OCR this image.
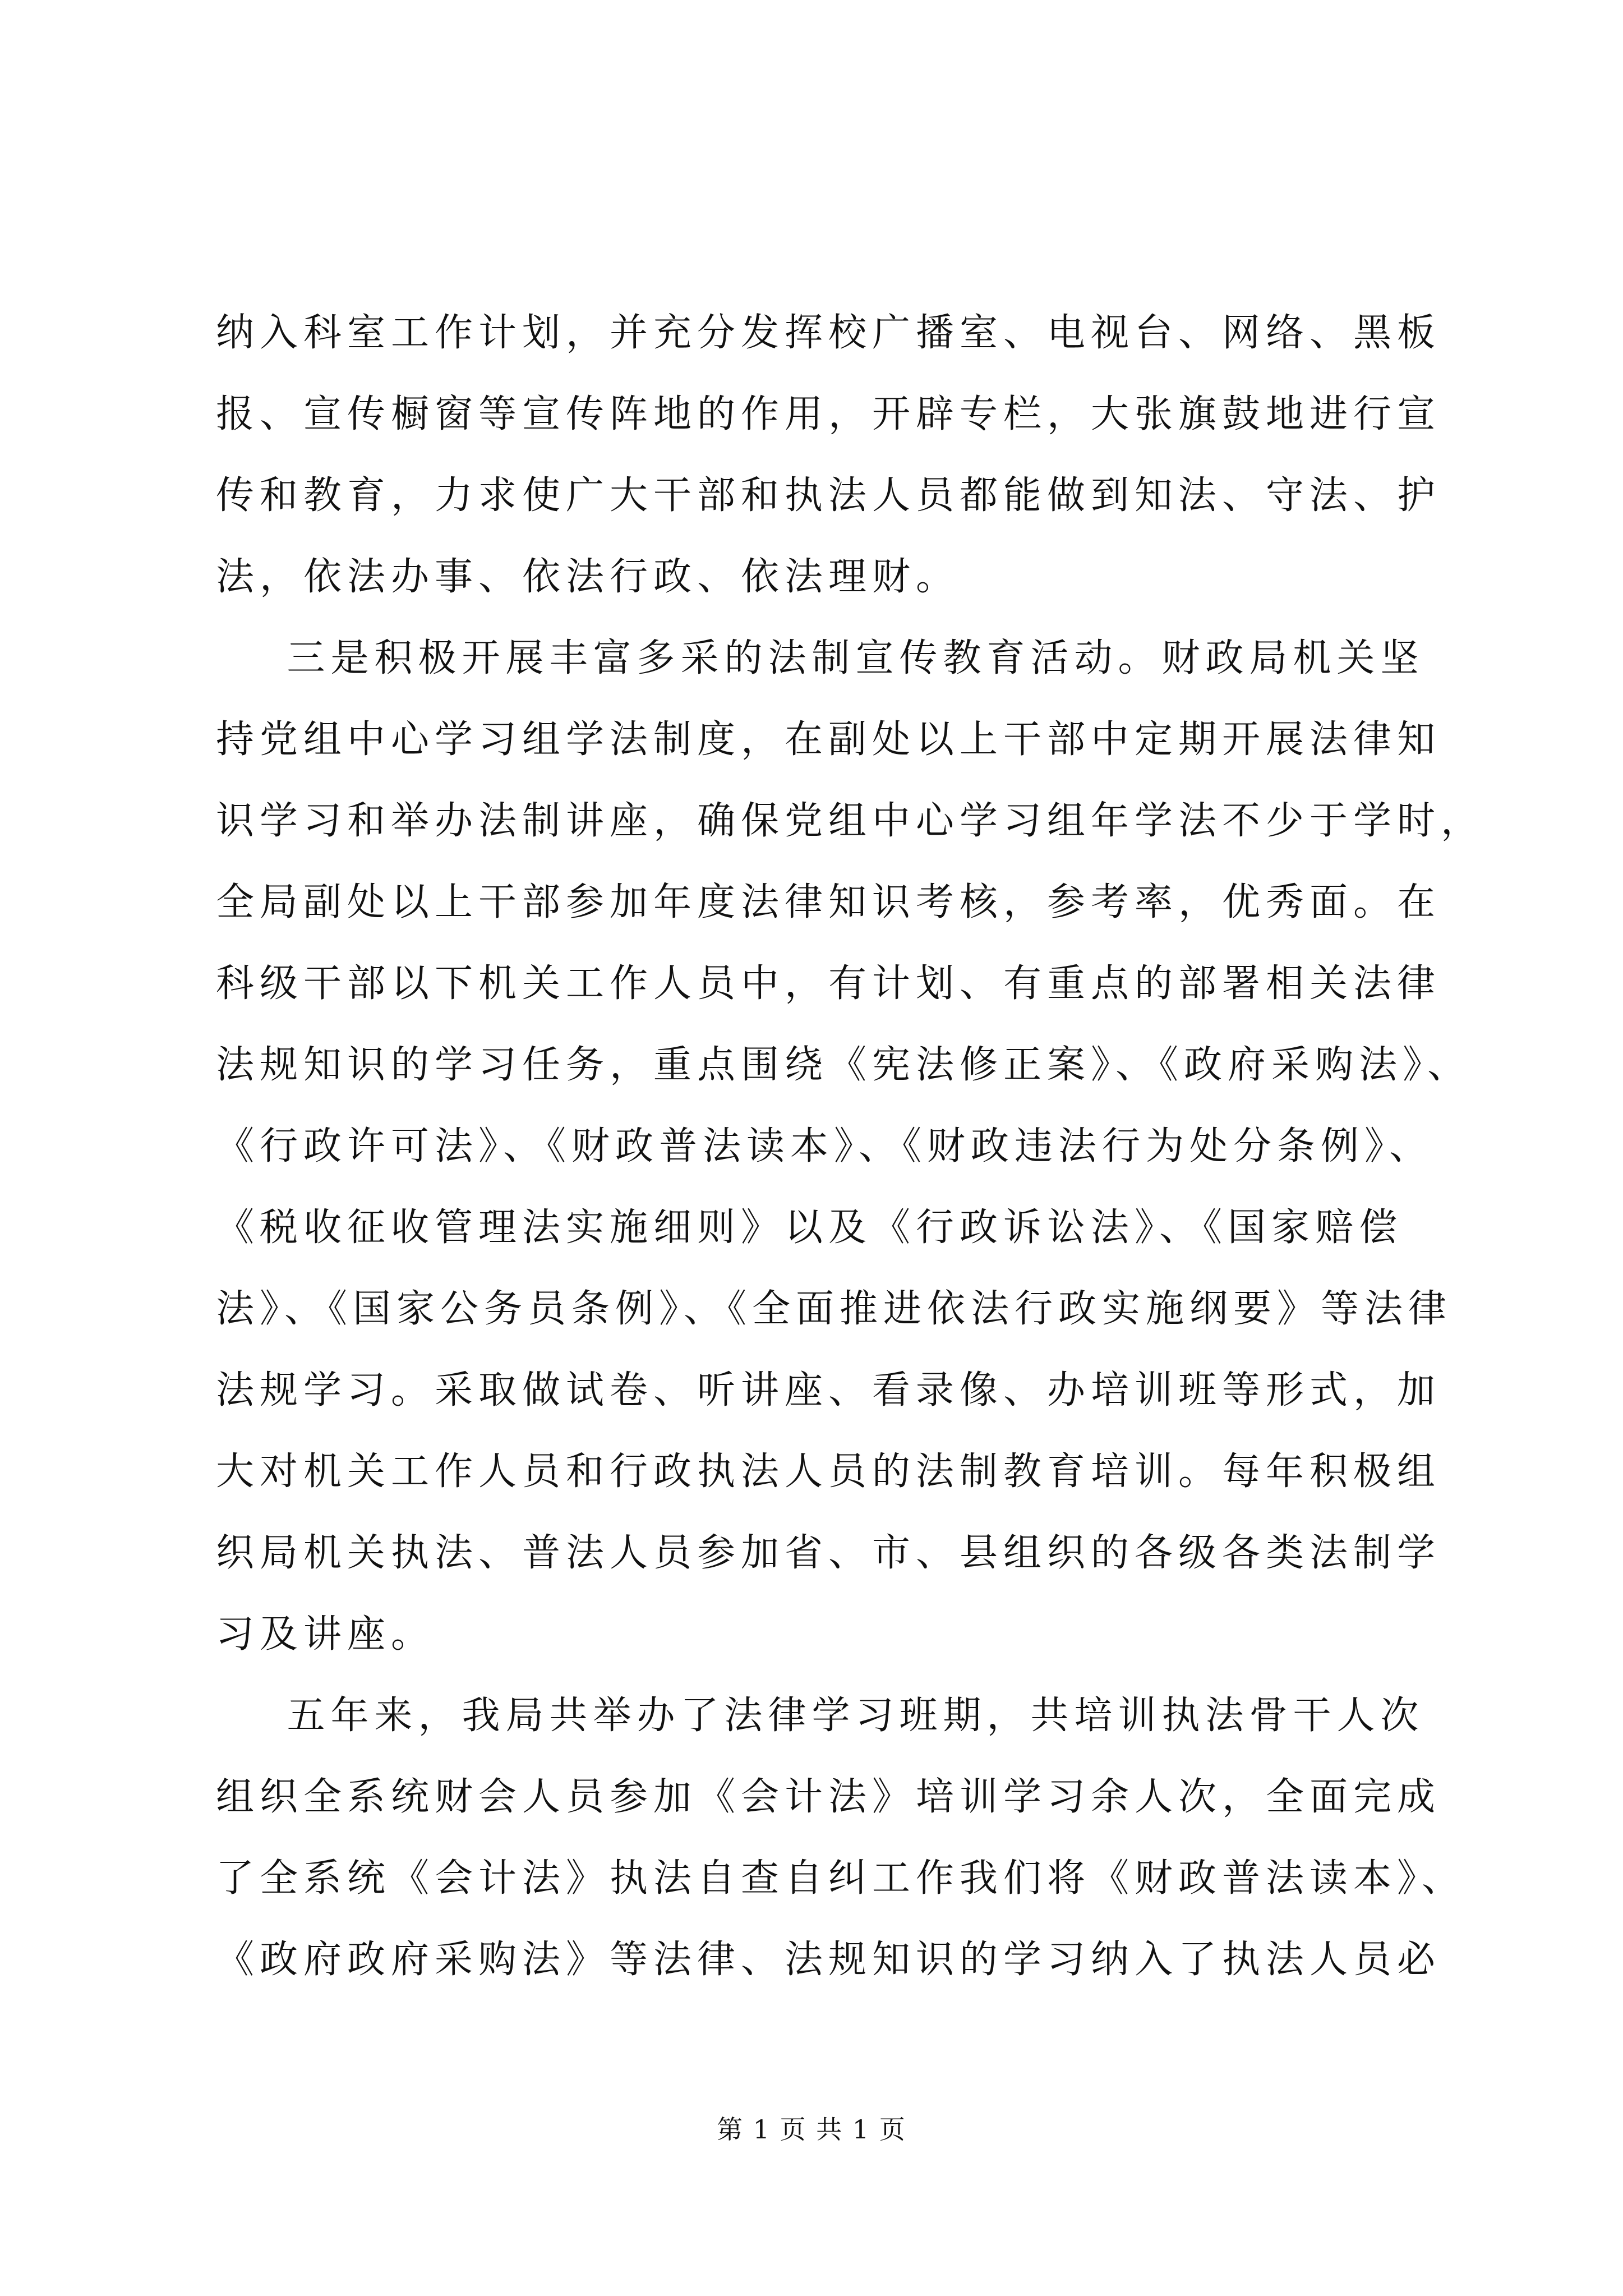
纳入科室工作计划，并充分发挥校广播室、电视台、网络、黑板
报、宣传橱窗等宣传阵地的作用，开辟专栏，大张旗鼓地进行宣
传和教育，力求使广大干部和执法人员都能做到知法、守法、护
法，依法办事、依法行政、依法理财。
三是积极开展丰富多采的法制宣传教育活动。财政局机关坚
持党组中心学习组学法制度，在副处以上干部中定期开展法律知
识学习和举办法制讲座，确保党组中心学习组年学法不少于学时，
全局副处以上干部参加年度法律知识考核，参考率，优秀面。在
科级干部以下机关工作人员中，有计划、有重点的部署相关法律
法规知识的学习任务，重点围绕《宪法修正案》、《政府采购法》、
《行政许可法》、《财政普法读本》、《财政违法行为处分条例》、
《税收征收管理法实施细则》以及《行政诉讼法》、《国家赔偿
法》、《国家公务员条例》、《全面推进依法行政实施纲要》等法律
法规学习。采取做试卷、听讲座、看录像、办培训班等形式，加
大对机关工作人员和行政执法人员的法制教育培训。每年积极组
织局机关执法、普法人员参加省、市、县组织的各级各类法制学
习及讲座。
五年来，我局共举办了法律学习班期，共培训执法骨干人次
组织全系统财会人员参加《会计法》培训学习余人次，全面完成
了全系统《会计法》执法自查自纠工作我们将《财政普法读本》、
《政府政府采购法》等法律、法规知识的学习纳入了执法人员必
第 1 页 共 1 页
